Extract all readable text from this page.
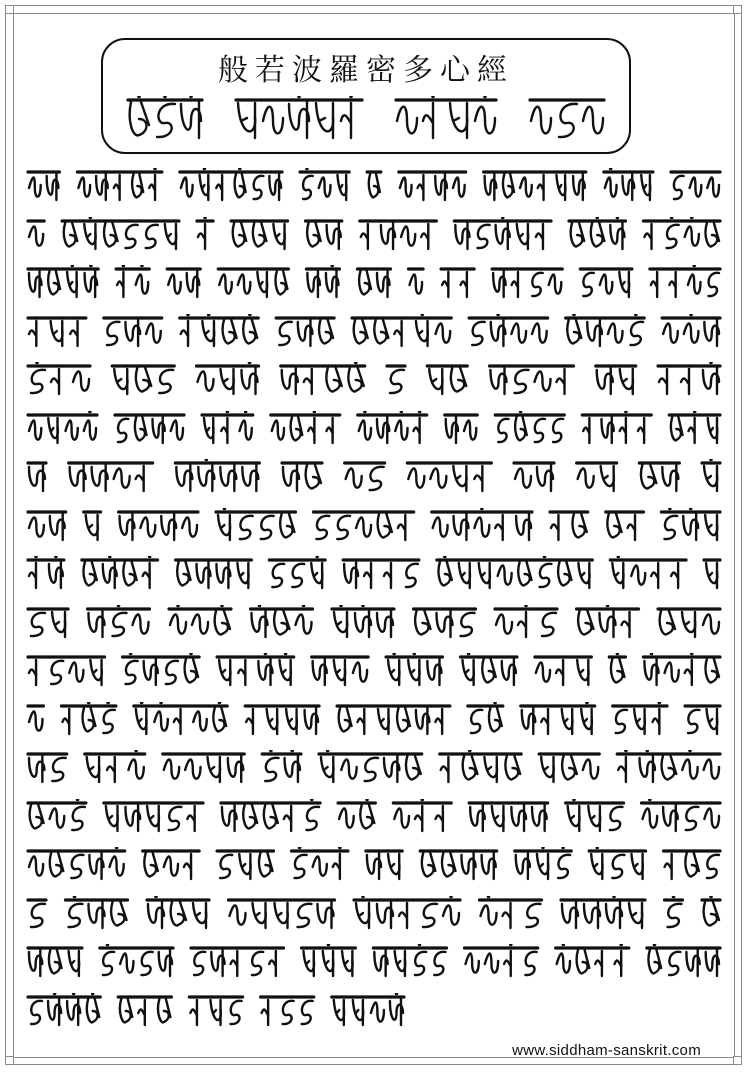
般若波羅密多心經
www.siddham-sanskrit.com
